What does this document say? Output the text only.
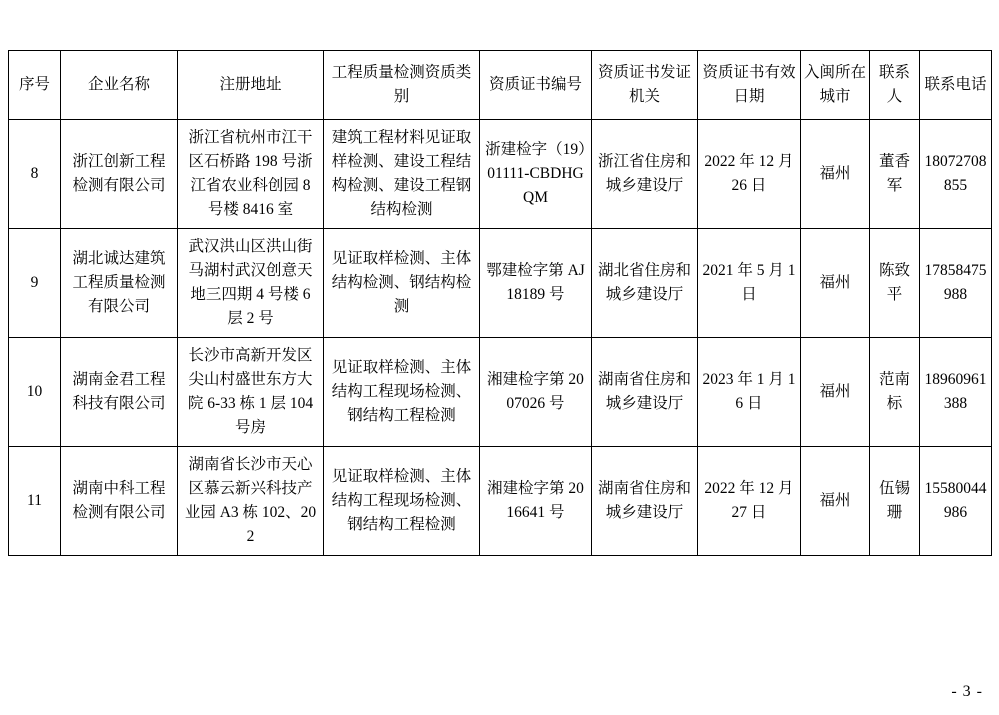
序号	企业名称	注册地址	工程质量检测资质类别	资质证书编号	资质证书发证机关	资质证书有效日期	入闽所在城市	联系人	联系电话
8	浙江创新工程检测有限公司	浙江省杭州市江干区石桥路 198 号浙江省农业科创园 8 号楼 8416 室	建筑工程材料见证取样检测、建设工程结构检测、建设工程钢结构检测	浙建检字（19）01111-CBDHGQM	浙江省住房和城乡建设厅	2022 年 12 月 26 日	福州	董香军	18072708855
9	湖北诚达建筑工程质量检测有限公司	武汉洪山区洪山街马湖村武汉创意天地三四期 4 号楼 6 层 2 号	见证取样检测、主体结构检测、钢结构检测	鄂建检字第 AJ18189 号	湖北省住房和城乡建设厅	2021 年 5 月 1 日	福州	陈致平	17858475988
10	湖南金君工程科技有限公司	长沙市高新开发区尖山村盛世东方大院 6-33 栋 1 层 104 号房	见证取样检测、主体结构工程现场检测、钢结构工程检测	湘建检字第 2007026 号	湖南省住房和城乡建设厅	2023 年 1 月 16 日	福州	范南标	18960961388
11	湖南中科工程检测有限公司	湖南省长沙市天心区慕云新兴科技产业园 A3 栋 102、202	见证取样检测、主体结构工程现场检测、钢结构工程检测	湘建检字第 2016641 号	湖南省住房和城乡建设厅	2022 年 12 月 27 日	福州	伍锡珊	15580044986
- 3 -
